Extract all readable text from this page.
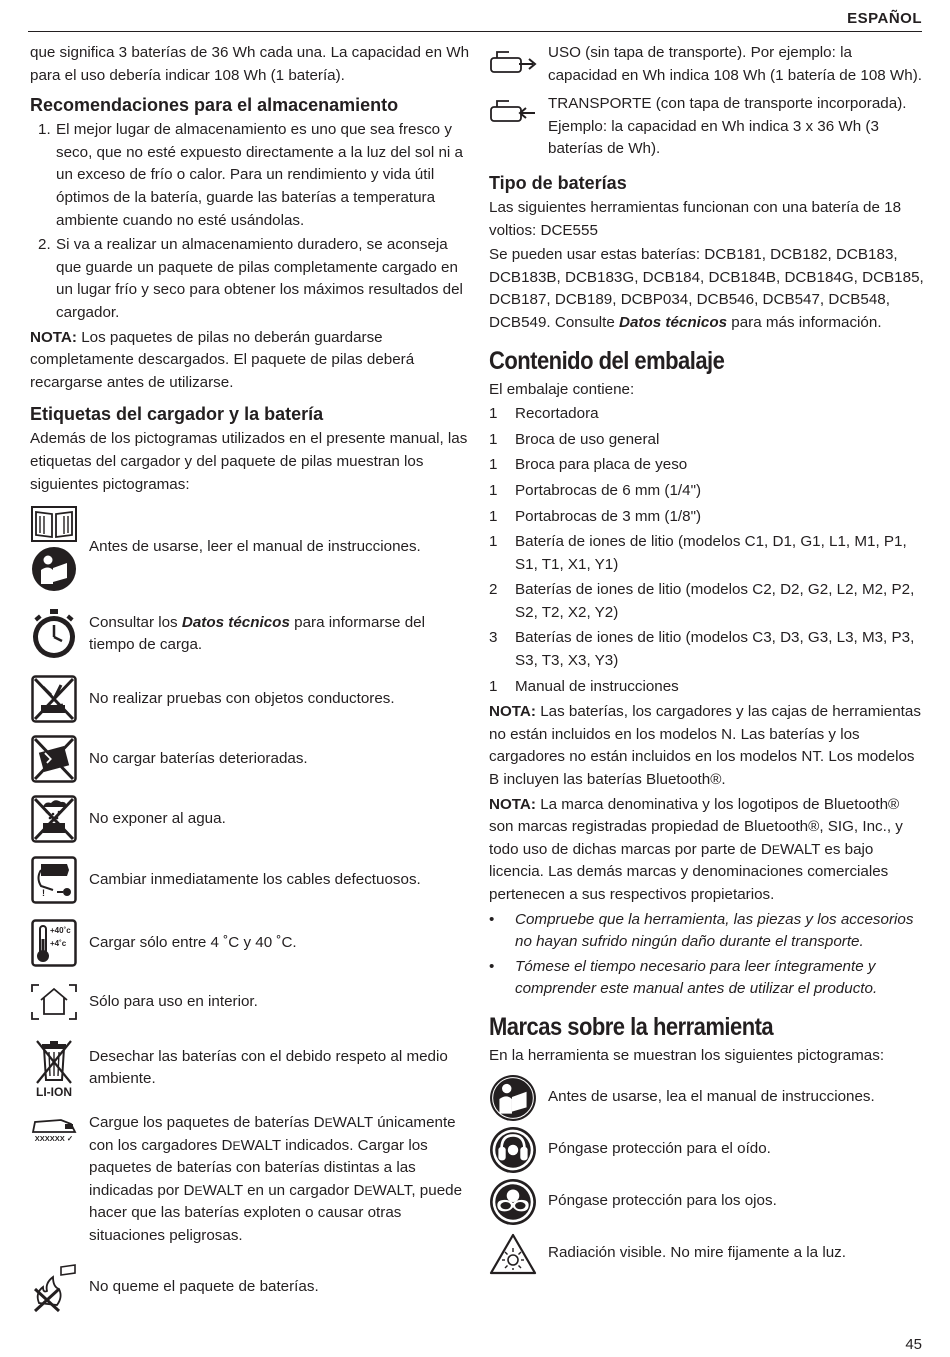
ESPAÑOL

que significa 3 baterías de 36 Wh cada una. La capacidad en Wh para el uso debería indicar 108 Wh (1 batería).

Recomendaciones para el almacenamiento
1. El mejor lugar de almacenamiento es uno que sea fresco y seco, que no esté expuesto directamente a la luz del sol ni a un exceso de frío o calor. Para un rendimiento y vida útil óptimos de la batería, guarde las baterías a temperatura ambiente cuando no esté usándolas.
2. Si va a realizar un almacenamiento duradero, se aconseja que guarde un paquete de pilas completamente cargado en un lugar frío y seco para obtener los máximos resultados del cargador.

NOTA: Los paquetes de pilas no deberán guardarse completamente descargados. El paquete de pilas deberá recargarse antes de utilizarse.

Etiquetas del cargador y la batería

Además de los pictogramas utilizados en el presente manual, las etiquetas del cargador y del paquete de pilas muestran los siguientes pictogramas:

Antes de usarse, leer el manual de instrucciones.
Consultar los Datos técnicos para informarse del tiempo de carga.
No realizar pruebas con objetos conductores.
No cargar baterías deterioradas.
No exponer al agua.
!
Cambiar inmediatamente los cables defectuosos.
+40˚c
+4˚c Cargar sólo entre 4 ˚C y 40 ˚C.
Sólo para uso en interior.
LI-ION
Desechar las baterías con el debido respeto al medio ambiente.
XXXXXX ✓
Cargue los paquetes de baterías DEWALT únicamente con los cargadores DEWALT indicados. Cargar los paquetes de baterías con baterías distintas a las indicadas por DEWALT en un cargador DEWALT, puede hacer que las baterías exploten o causar otras situaciones peligrosas.
No queme el paquete de baterías.

USO (sin tapa de transporte). Por ejemplo: la capacidad en Wh indica 108 Wh (1 batería de 108 Wh).

TRANSPORTE (con tapa de transporte incorporada). Ejemplo: la capacidad en Wh indica 3 x 36 Wh (3 baterías de Wh).

Tipo de baterías

Las siguientes herramientas funcionan con una batería de 18 voltios: DCE555

Se pueden usar estas baterías: DCB181, DCB182, DCB183, DCB183B, DCB183G, DCB184, DCB184B, DCB184G, DCB185, DCB187, DCB189, DCBP034, DCB546, DCB547, DCB548, DCB549. Consulte Datos técnicos para más información.

Contenido del embalaje

El embalaje contiene:

1	Recortadora
1	Broca de uso general
1	Broca para placa de yeso
1	Portabrocas de 6 mm (1/4")
1	Portabrocas de 3 mm (1/8")
1	Batería de iones de litio (modelos C1, D1, G1, L1, M1, P1, S1, T1, X1, Y1)
2	Baterías de iones de litio (modelos C2, D2, G2, L2, M2, P2, S2, T2, X2, Y2)
3	Baterías de iones de litio (modelos C3, D3, G3, L3, M3, P3, S3, T3, X3, Y3)
1	Manual de instrucciones

NOTA: Las baterías, los cargadores y las cajas de herramientas no están incluidos en los modelos N. Las baterías y los cargadores no están incluidos en los modelos NT. Los modelos B incluyen las baterías Bluetooth®.

NOTA: La marca denominativa y los logotipos de Bluetooth® son marcas registradas propiedad de Bluetooth®, SIG, Inc., y todo uso de dichas marcas por parte de DEWALT es bajo licencia. Las demás marcas y denominaciones comerciales pertenecen a sus respectivos propietarios.

•	Compruebe que la herramienta, las piezas y los accesorios no hayan sufrido ningún daño durante el transporte.
•	Tómese el tiempo necesario para leer íntegramente y comprender este manual antes de utilizar el producto.
Marcas sobre la herramienta

En la herramienta se muestran los siguientes pictogramas:

Antes de usarse, lea el manual de instrucciones.
Póngase protección para el oído.
Póngase protección para los ojos.
Radiación visible. No mire fijamente a la luz.
45
